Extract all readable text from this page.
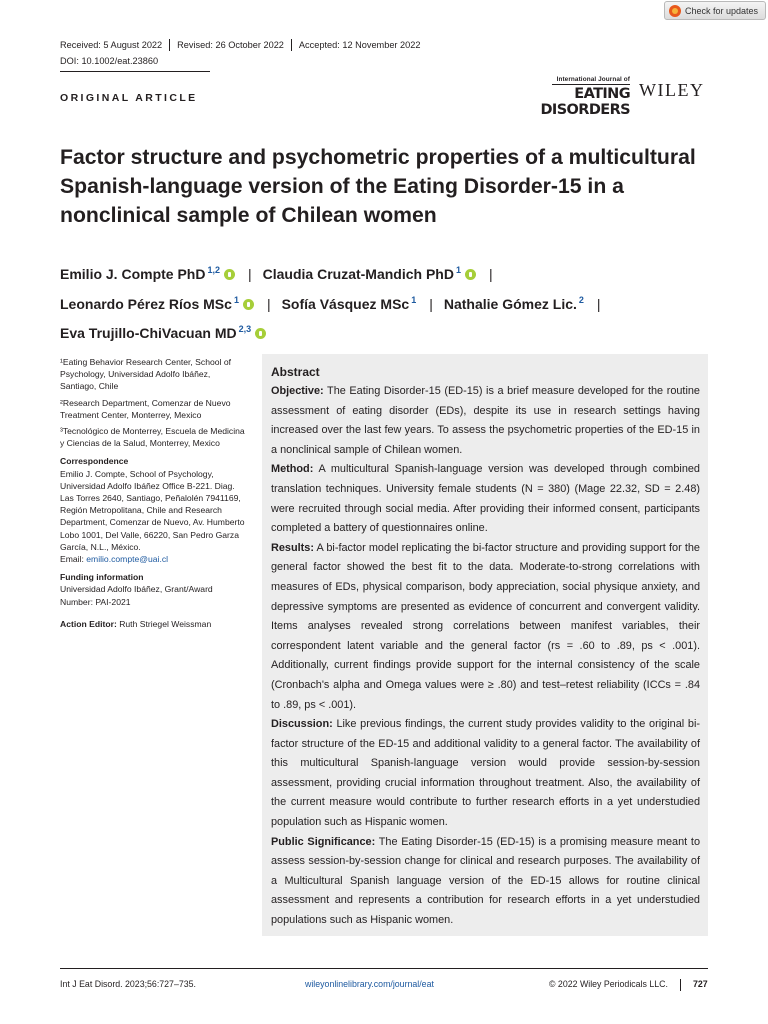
Check for updates
Received: 5 August 2022	Revised: 26 October 2022	Accepted: 12 November 2022
DOI: 10.1002/eat.23860
ORIGINAL ARTICLE
International Journal of
EATING DISORDERS
WILEY
Factor structure and psychometric properties of a multicultural Spanish-language version of the Eating Disorder-15 in a nonclinical sample of Chilean women
Emilio J. Compte PhD $^{1,2}$ | Claudia Cruzat-Mandich PhD $^1$ |
Leonardo Pérez Ríos MSc $^1$ | Sofía Vásquez MSc $^1$ | Nathalie Gómez Lic. $^2$ |
Eva Trujillo-ChiVacuan MD $^{2,3}$

¹Eating Behavior Research Center, School of Psychology, Universidad Adolfo Ibáñez, Santiago, Chile

²Research Department, Comenzar de Nuevo Treatment Center, Monterrey, Mexico

³Tecnológico de Monterrey, Escuela de Medicina y Ciencias de la Salud, Monterrey, Mexico

Correspondence

Emilio J. Compte, School of Psychology, Universidad Adolfo Ibáñez Office B-221. Diag. Las Torres 2640, Santiago, Peñalolén 7941169, Región Metropolitana, Chile and Research Department, Comenzar de Nuevo, Av. Humberto Lobo 1001, Del Valle, 66220, San Pedro Garza García, N.L., México.
Email: emilio.compte@uai.cl

Funding information

Universidad Adolfo Ibáñez, Grant/Award Number: PAI-2021

Action Editor: Ruth Striegel Weissman

Abstract

Objective: The Eating Disorder-15 (ED-15) is a brief measure developed for the routine assessment of eating disorder (EDs), despite its use in research settings having increased over the last few years. To assess the psychometric properties of the ED-15 in a nonclinical sample of Chilean women.

Method: A multicultural Spanish-language version was developed through combined translation techniques. University female students (N = 380) (Mage 22.32, SD = 2.48) were recruited through social media. After providing their informed consent, participants completed a battery of questionnaires online.

Results: A bi-factor model replicating the bi-factor structure and providing support for the general factor showed the best fit to the data. Moderate-to-strong correlations with measures of EDs, physical comparison, body appreciation, social physique anxiety, and depressive symptoms are presented as evidence of concurrent and convergent validity. Items analyses revealed strong correlations between manifest variables, their correspondent latent variable and the general factor (rs = .60 to .89, ps < .001). Additionally, current findings provide support for the internal consistency of the scale (Cronbach's alpha and Omega values were ≥ .80) and test–retest reliability (ICCs = .84 to .89, ps < .001).

Discussion: Like previous findings, the current study provides validity to the original bi-factor structure of the ED-15 and additional validity to a general factor. The availability of this multicultural Spanish-language version would provide session-by-session assessment, providing crucial information throughout treatment. Also, the availability of the current measure would contribute to further research efforts in a yet understudied population such as Hispanic women.

Public Significance: The Eating Disorder-15 (ED-15) is a promising measure meant to assess session-by-session change for clinical and research purposes. The availability of a Multicultural Spanish language version of the ED-15 allows for routine clinical assessment and represents a contribution for research efforts in a yet understudied populations such as Hispanic women.

Int J Eat Disord. 2023;56:727–735.	wileyonlinelibrary.com/journal/eat	© 2022 Wiley Periodicals LLC.	727
